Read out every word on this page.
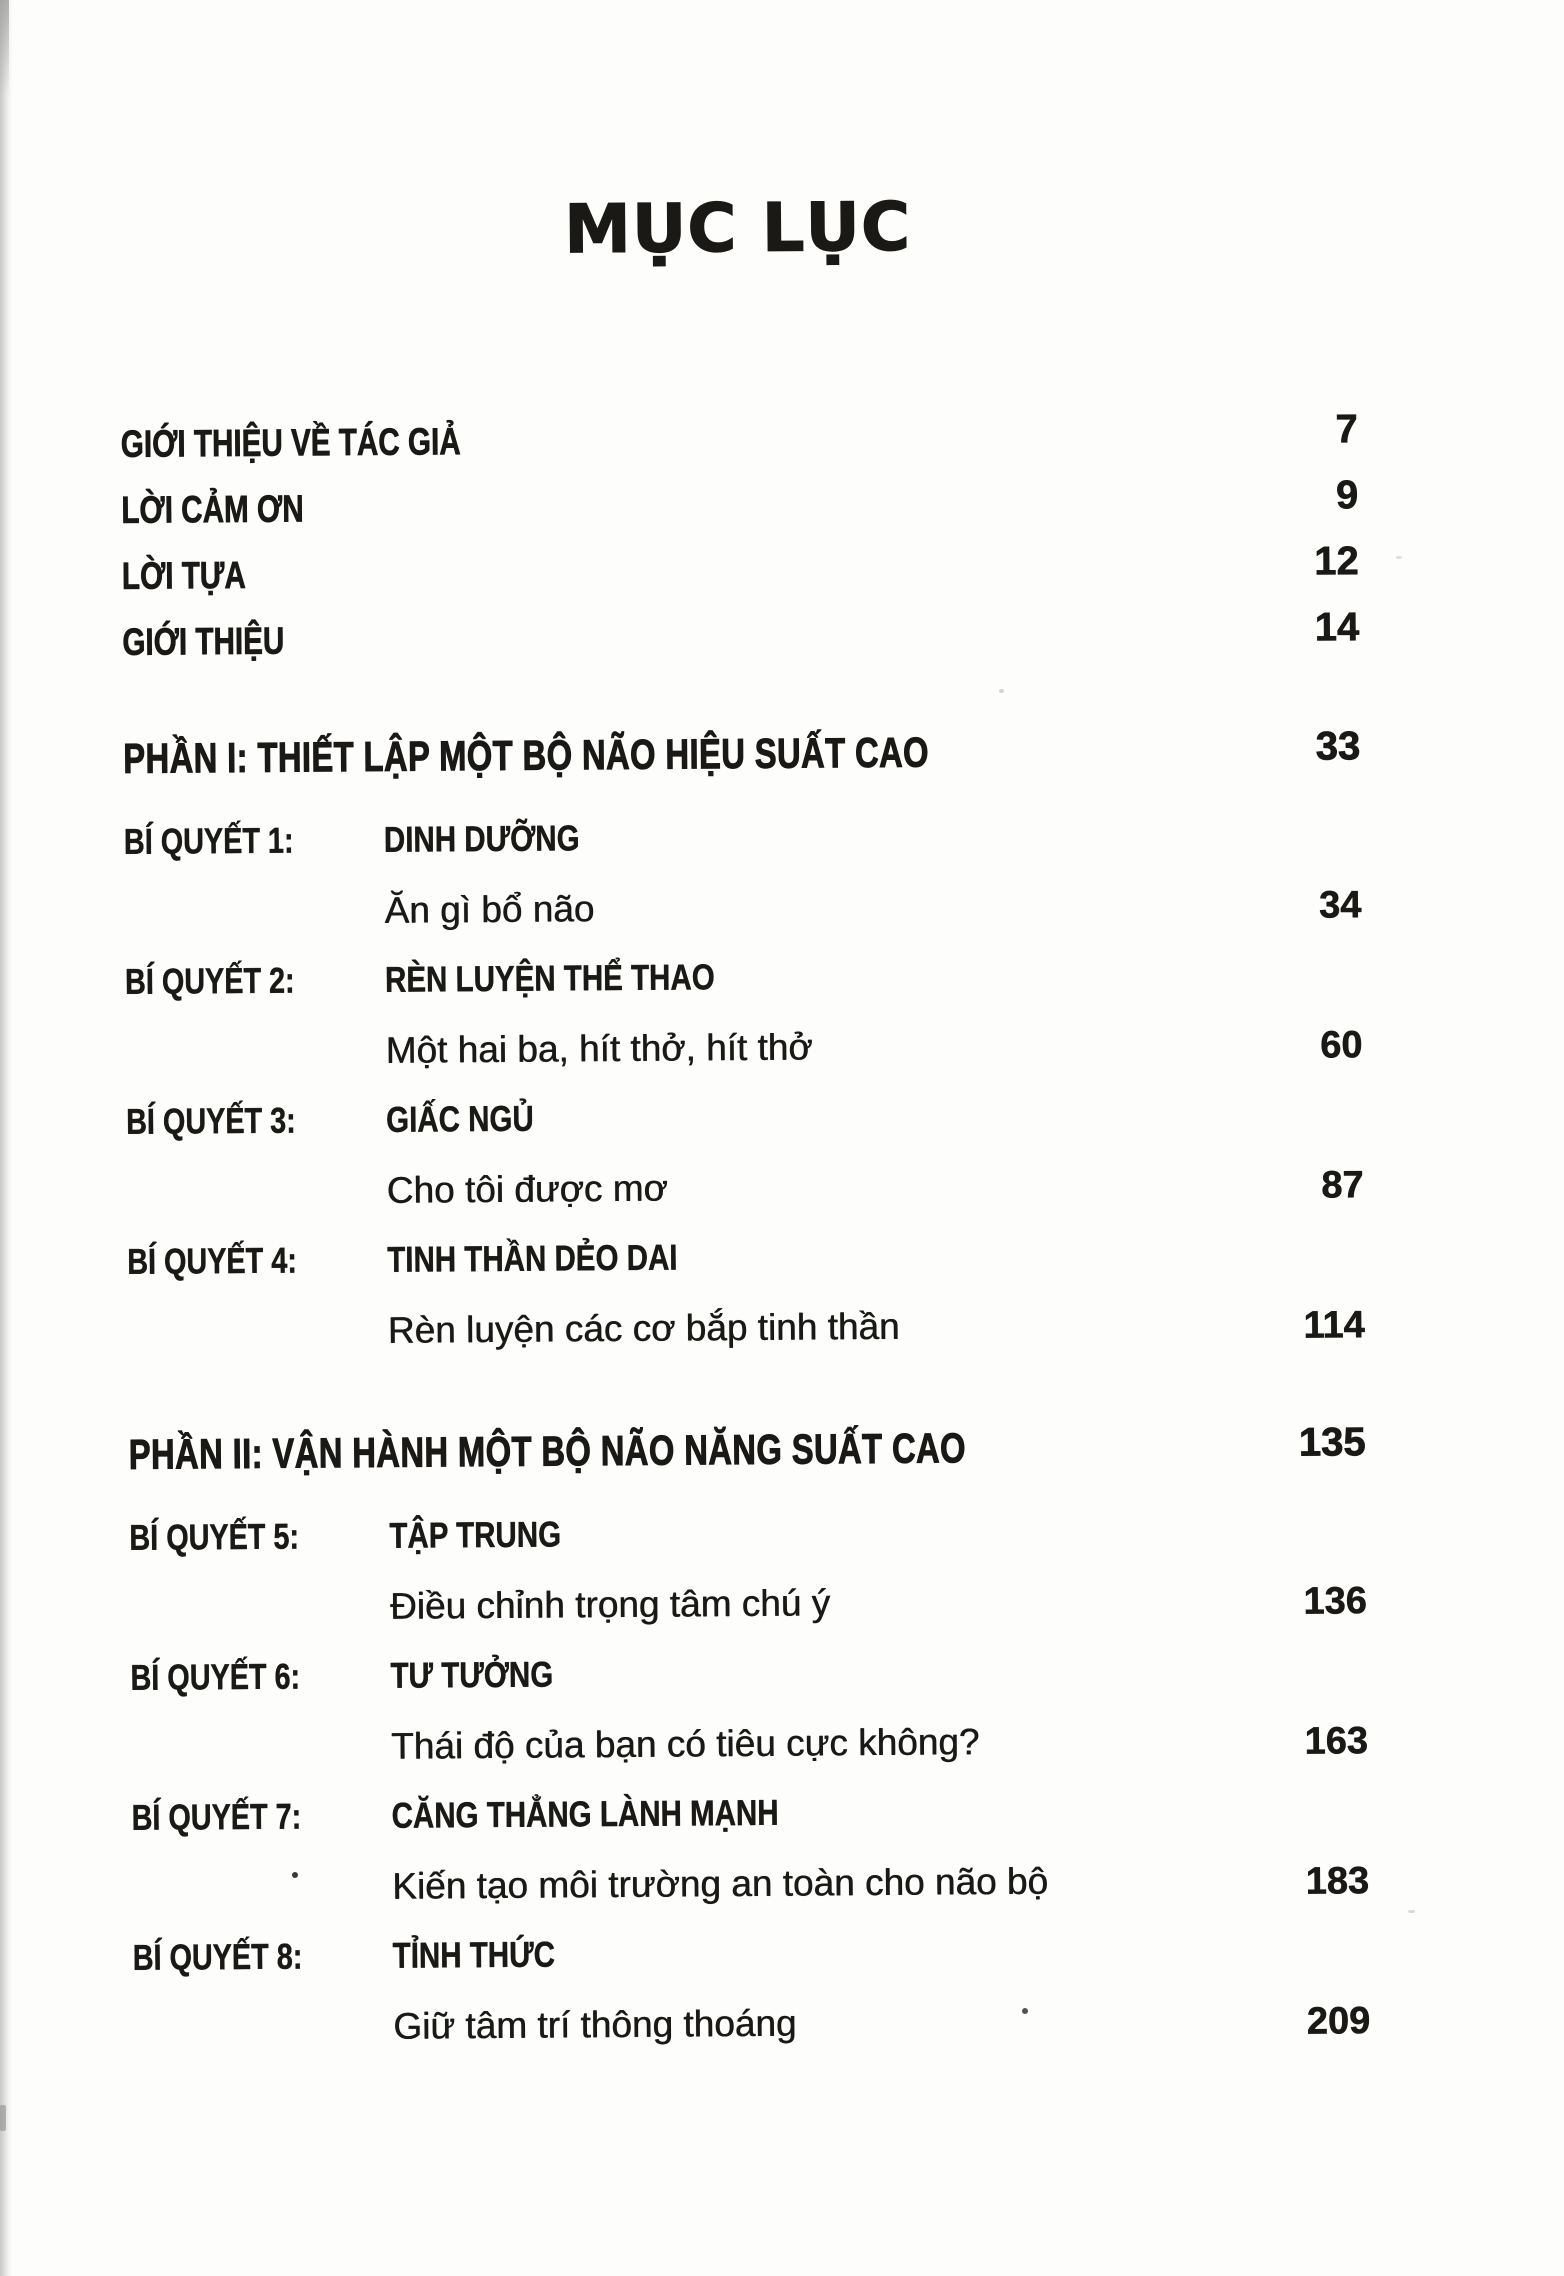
MỤC LỤC
GIỚI THIỆU VỀ TÁC GIẢ	7
LỜI CẢM ƠN	9
LỜI TỰA	12
GIỚI THIỆU	14
PHẦN I: THIẾT LẬP MỘT BỘ NÃO HIỆU SUẤT CAO	33
BÍ QUYẾT 1:	DINH DƯỠNG
Ăn gì bổ não	34
BÍ QUYẾT 2:	RÈN LUYỆN THỂ THAO
Một hai ba, hít thở, hít thở	60
BÍ QUYẾT 3:	GIẤC NGỦ
Cho tôi được mơ	87
BÍ QUYẾT 4:	TINH THẦN DẺO DAI
Rèn luyện các cơ bắp tinh thần	114
PHẦN II: VẬN HÀNH MỘT BỘ NÃO NĂNG SUẤT CAO	135
BÍ QUYẾT 5:	TẬP TRUNG
Điều chỉnh trọng tâm chú ý	136
BÍ QUYẾT 6:	TƯ TƯỞNG
Thái độ của bạn có tiêu cực không?	163
BÍ QUYẾT 7:	CĂNG THẲNG LÀNH MẠNH
Kiến tạo môi trường an toàn cho não bộ	183
BÍ QUYẾT 8:	TỈNH THỨC
Giữ tâm trí thông thoáng	209
